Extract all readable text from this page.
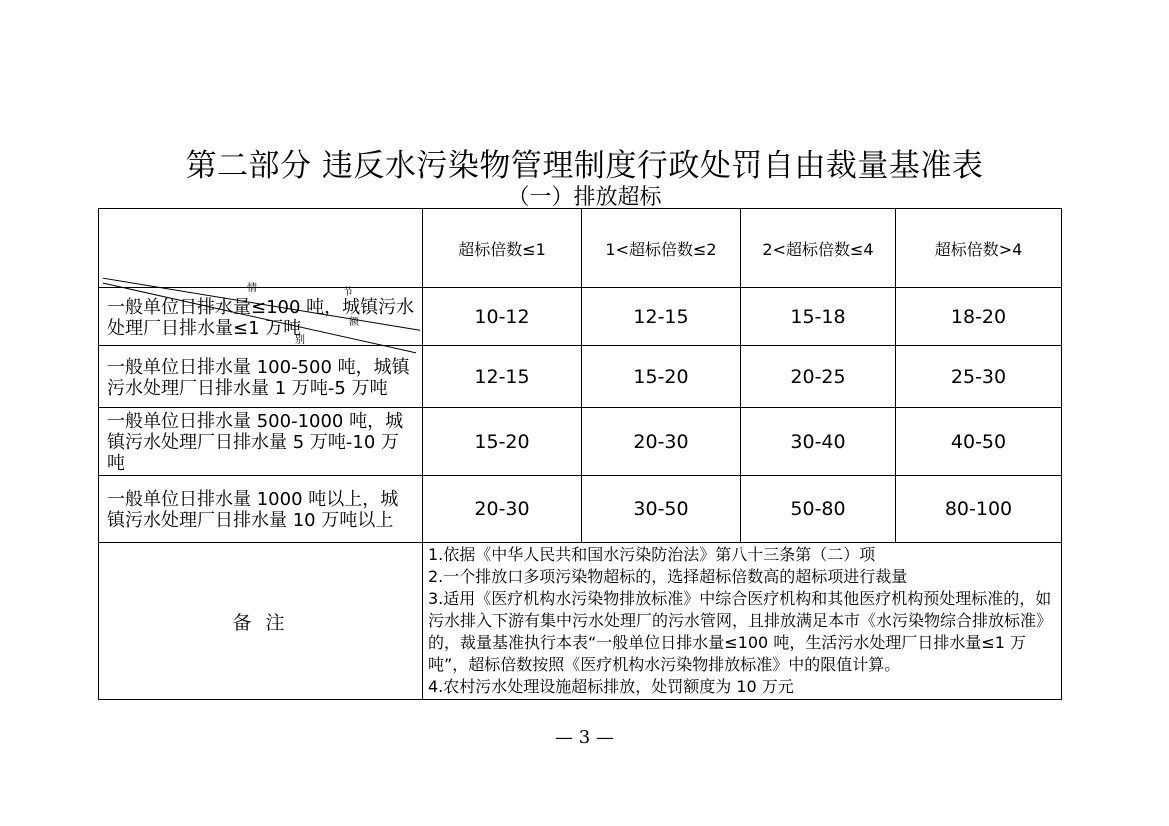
第二部分 违反水污染物管理制度行政处罚自由裁量基准表
（一）排放超标
	超标倍数≤1	1<超标倍数≤2	2<超标倍数≤4	超标倍数>4

情 节
额
别
一般单位日排水量≤100 吨，城镇污水处理厂日排水量≤1 万吨	10-12	12-15	15-18	18-20
一般单位日排水量 100-500 吨，城镇污水处理厂日排水量 1 万吨-5 万吨	12-15	15-20	20-25	25-30
一般单位日排水量 500-1000 吨，城镇污水处理厂日排水量 5 万吨-10 万吨	15-20	20-30	30-40	40-50
一般单位日排水量 1000 吨以上，城镇污水处理厂日排水量 10 万吨以上	20-30	30-50	50-80	80-100
备 注	1.依据《中华人民共和国水污染防治法》第八十三条第（二）项
2.一个排放口多项污染物超标的，选择超标倍数高的超标项进行裁量
3.适用《医疗机构水污染物排放标准》中综合医疗机构和其他医疗机构预处理标准的，如污水排入下游有集中污水处理厂的污水管网，且排放满足本市《水污染物综合排放标准》的，裁量基准执行本表“一般单位日排水量≤100 吨，生活污水处理厂日排水量≤1 万吨”，超标倍数按照《医疗机构水污染物排放标准》中的限值计算。
4.农村污水处理设施超标排放，处罚额度为 10 万元			
— 3 —
